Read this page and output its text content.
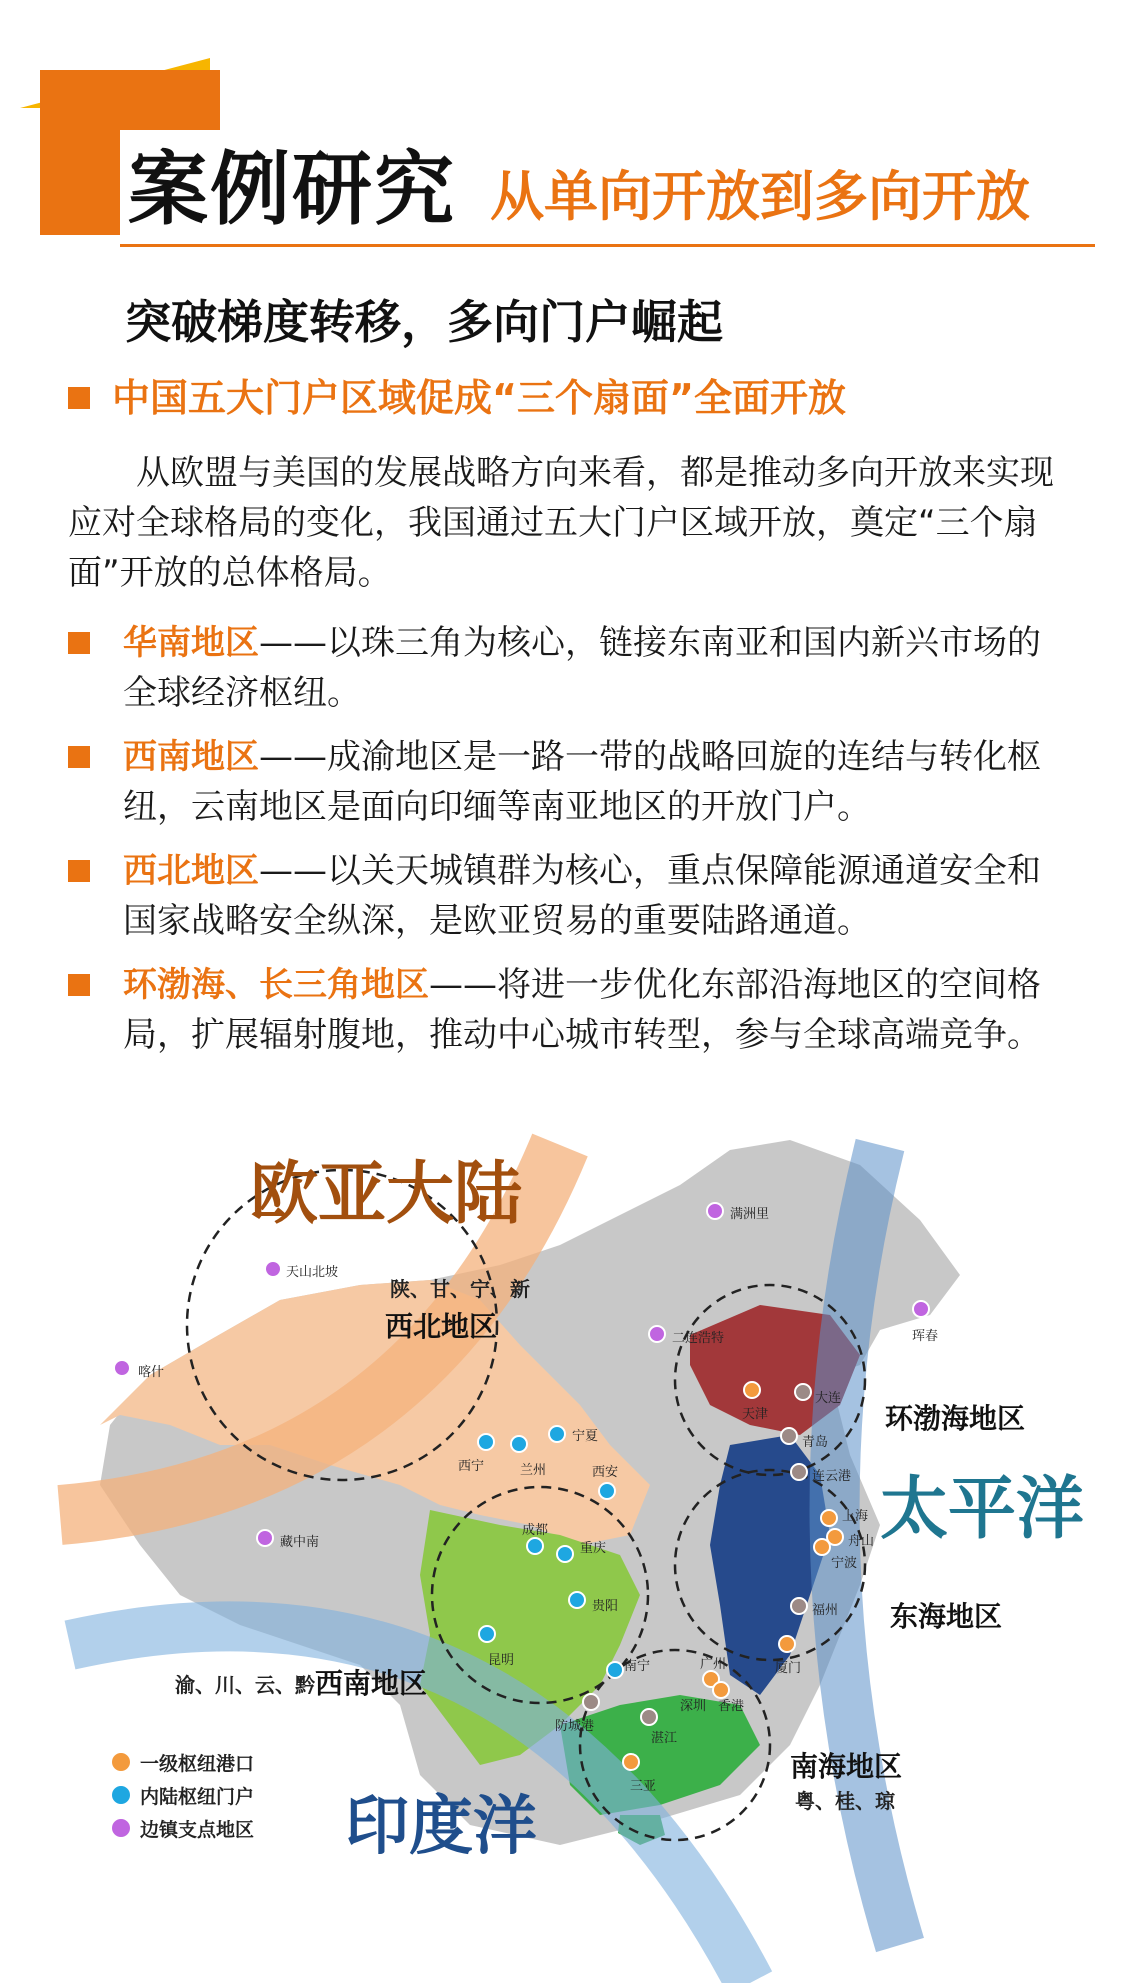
案例研究 从单向开放到多向开放
突破梯度转移，多向门户崛起
中国五大门户区域促成“三个扇面”全面开放
从欧盟与美国的发展战略方向来看，都是推动多向开放来实现应对全球格局的变化，我国通过五大门户区域开放，奠定“三个扇面”开放的总体格局。
华南地区——以珠三角为核心，链接东南亚和国内新兴市场的全球经济枢纽。
西南地区——成渝地区是一路一带的战略回旋的连结与转化枢纽，云南地区是面向印缅等南亚地区的开放门户。
西北地区——以关天城镇群为核心，重点保障能源通道安全和国家战略安全纵深，是欧亚贸易的重要陆路通道。
环渤海、长三角地区——将进一步优化东部沿海地区的空间格局，扩展辐射腹地，推动中心城市转型，参与全球高端竞争。
欧亚大陆
太平洋
印度洋
陕、甘、宁、新
西北地区
渝、川、云、黔 西南地区
环渤海地区
东海地区
南海地区
粤、桂、琼
满洲里
珲春
二连浩特
天山北坡
喀什
藏中南
天津
大连
青岛
连云港
上海
舟山
宁波
福州
厦门
广州
深圳 香港
湛江
防城港
三亚
西宁	兰州
宁夏
西安
成都
重庆
贵阳
昆明	南宁
一级枢纽港口
内陆枢纽门户
边镇支点地区
